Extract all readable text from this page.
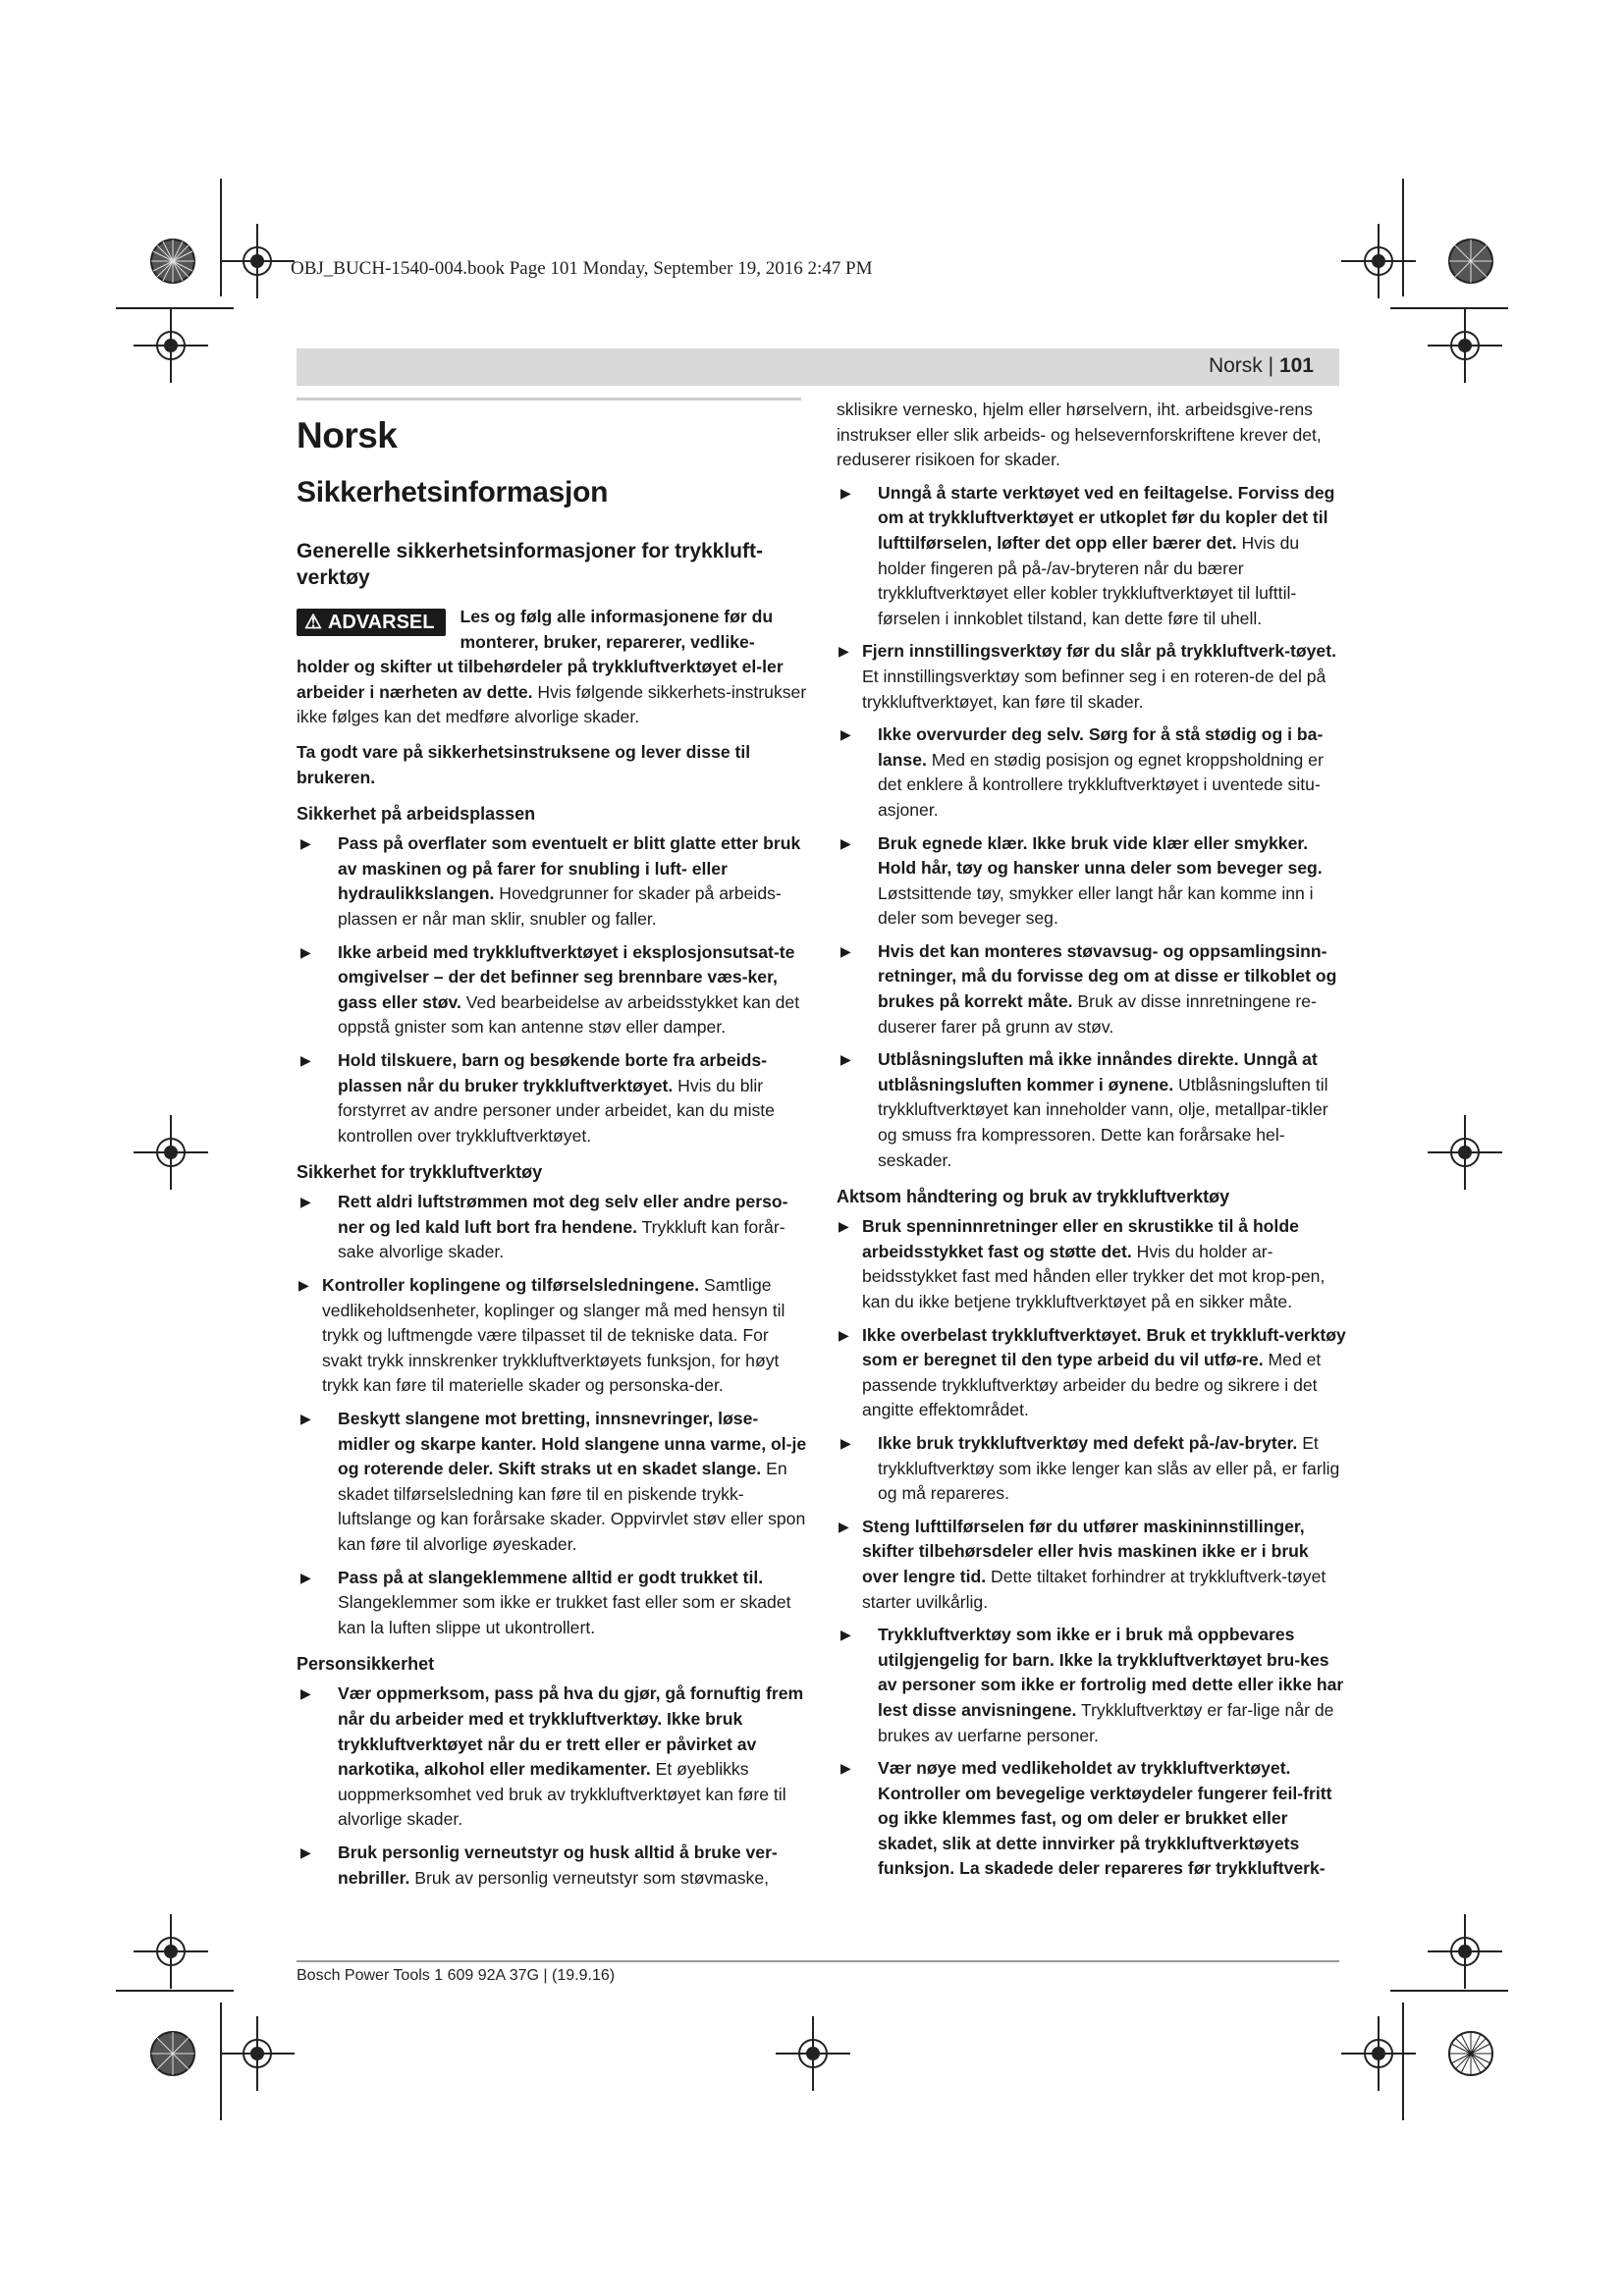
OBJ_BUCH-1540-004.book Page 101 Monday, September 19, 2016 2:47 PM
Norsk | 101
Norsk
Sikkerhetsinformasjon
Generelle sikkerhetsinformasjoner for trykkluft-verktøy

⚠ ADVARSEL	Les og følg alle informasjonene før du monterer, bruker, reparerer, vedlike-holder og skifter ut tilbehørdeler på trykkluftverktøyet el-ler arbeider i nærheten av dette. Hvis følgende sikkerhets-instrukser ikke følges kan det medføre alvorlige skader.

Ta godt vare på sikkerhetsinstruksene og lever disse til brukeren.

Sikkerhet på arbeidsplassen
▶ Pass på overflater som eventuelt er blitt glatte etter bruk av maskinen og på farer for snubling i luft- eller hydraulikkslangen. Hovedgrunner for skader på arbeids-plassen er når man sklir, snubler og faller.
▶ Ikke arbeid med trykkluftverktøyet i eksplosjonsutsat-te omgivelser – der det befinner seg brennbare væs-ker, gass eller støv. Ved bearbeidelse av arbeidsstykket kan det oppstå gnister som kan antenne støv eller damper.
▶ Hold tilskuere, barn og besøkende borte fra arbeids-plassen når du bruker trykkluftverktøyet. Hvis du blir forstyrret av andre personer under arbeidet, kan du miste kontrollen over trykkluftverktøyet.
Sikkerhet for trykkluftverktøy
▶ Rett aldri luftstrømmen mot deg selv eller andre perso-ner og led kald luft bort fra hendene. Trykkluft kan forår-sake alvorlige skader.
▶ Kontroller koplingene og tilførselsledningene. Samtlige vedlikeholdsenheter, koplinger og slanger må med hensyn til trykk og luftmengde være tilpasset til de tekniske data. For svakt trykk innskrenker trykkluftverktøyets funksjon, for høyt trykk kan føre til materielle skader og personska-der.
▶ Beskytt slangene mot bretting, innsnevringer, løse-midler og skarpe kanter. Hold slangene unna varme, ol-je og roterende deler. Skift straks ut en skadet slange. En skadet tilførselsledning kan føre til en piskende trykk-luftslange og kan forårsake skader. Oppvirvlet støv eller spon kan føre til alvorlige øyeskader.
▶ Pass på at slangeklemmene alltid er godt trukket til. Slangeklemmer som ikke er trukket fast eller som er skadet kan la luften slippe ut ukontrollert.
Personsikkerhet
▶ Vær oppmerksom, pass på hva du gjør, gå fornuftig frem når du arbeider med et trykkluftverktøy. Ikke bruk trykkluftverktøyet når du er trett eller er påvirket av narkotika, alkohol eller medikamenter. Et øyeblikks uoppmerksomhet ved bruk av trykkluftverktøyet kan føre til alvorlige skader.
▶ Bruk personlig verneutstyr og husk alltid å bruke ver-nebriller. Bruk av personlig verneutstyr som støvmaske,

sklisikre vernesko, hjelm eller hørselvern, iht. arbeidsgive-rens instrukser eller slik arbeids- og helsevernforskriftene krever det, reduserer risikoen for skader.

▶ Unngå å starte verktøyet ved en feiltagelse. Forviss deg om at trykkluftverktøyet er utkoplet før du kopler det til lufttilførselen, løfter det opp eller bærer det. Hvis du holder fingeren på på-/av-bryteren når du bærer trykkluftverktøyet eller kobler trykkluftverktøyet til lufttil-førselen i innkoblet tilstand, kan dette føre til uhell.
▶ Fjern innstillingsverktøy før du slår på trykkluftverk-tøyet. Et innstillingsverktøy som befinner seg i en roteren-de del på trykkluftverktøyet, kan føre til skader.
▶ Ikke overvurder deg selv. Sørg for å stå stødig og i ba-lanse. Med en stødig posisjon og egnet kroppsholdning er det enklere å kontrollere trykkluftverktøyet i uventede situ-asjoner.
▶ Bruk egnede klær. Ikke bruk vide klær eller smykker. Hold hår, tøy og hansker unna deler som beveger seg. Løstsittende tøy, smykker eller langt hår kan komme inn i deler som beveger seg.
▶ Hvis det kan monteres støvavsug- og oppsamlingsinn-retninger, må du forvisse deg om at disse er tilkoblet og brukes på korrekt måte. Bruk av disse innretningene re-duserer farer på grunn av støv.
▶ Utblåsningsluften må ikke innåndes direkte. Unngå at utblåsningsluften kommer i øynene. Utblåsningsluften til trykkluftverktøyet kan inneholder vann, olje, metallpar-tikler og smuss fra kompressoren. Dette kan forårsake hel-seskader.
Aktsom håndtering og bruk av trykkluftverktøy
▶ Bruk spenninnretninger eller en skrustikke til å holde arbeidsstykket fast og støtte det. Hvis du holder ar-beidsstykket fast med hånden eller trykker det mot krop-pen, kan du ikke betjene trykkluftverktøyet på en sikker måte.
▶ Ikke overbelast trykkluftverktøyet. Bruk et trykkluft-verktøy som er beregnet til den type arbeid du vil utfø-re. Med et passende trykkluftverktøy arbeider du bedre og sikrere i det angitte effektområdet.
▶ Ikke bruk trykkluftverktøy med defekt på-/av-bryter. Et trykkluftverktøy som ikke lenger kan slås av eller på, er farlig og må repareres.
▶ Steng lufttilførselen før du utfører maskininnstillinger, skifter tilbehørsdeler eller hvis maskinen ikke er i bruk over lengre tid. Dette tiltaket forhindrer at trykkluftverk-tøyet starter uvilkårlig.
▶ Trykkluftverktøy som ikke er i bruk må oppbevares utilgjengelig for barn. Ikke la trykkluftverktøyet bru-kes av personer som ikke er fortrolig med dette eller ikke har lest disse anvisningene. Trykkluftverktøy er far-lige når de brukes av uerfarne personer.
▶ Vær nøye med vedlikeholdet av trykkluftverktøyet. Kontroller om bevegelige verktøydeler fungerer feil-fritt og ikke klemmes fast, og om deler er brukket eller skadet, slik at dette innvirker på trykkluftverktøyets funksjon. La skadede deler repareres før trykkluftverk-
Bosch Power Tools 1 609 92A 37G | (19.9.16)
